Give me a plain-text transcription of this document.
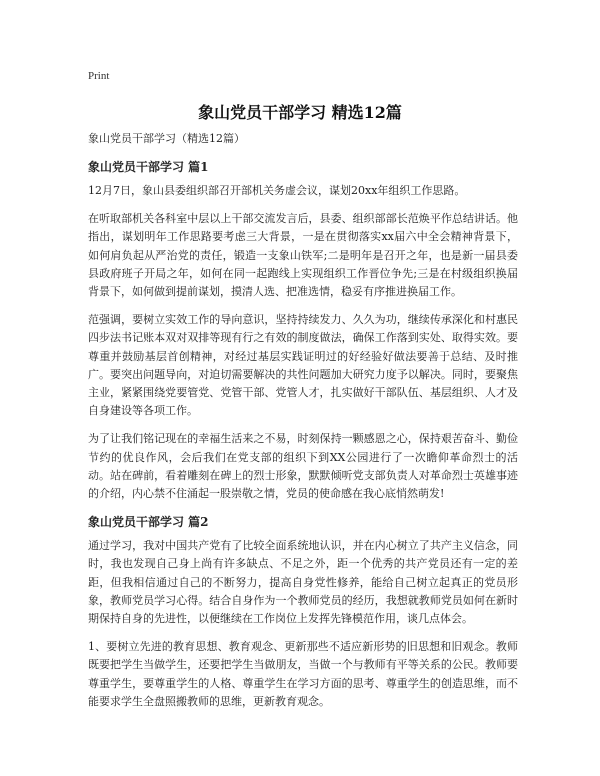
Print
象山党员干部学习 精选12篇
象山党员干部学习（精选12篇）
象山党员干部学习 篇1

12月7日，象山县委组织部召开部机关务虚会议，谋划20xx年组织工作思路。

在听取部机关各科室中层以上干部交流发言后，县委、组织部部长范焕平作总结讲话。他指出，谋划明年工作思路要考虑三大背景，一是在贯彻落实xx届六中全会精神背景下，如何肩负起从严治党的责任，锻造一支象山铁军;二是明年是召开之年，也是新一届县委县政府班子开局之年，如何在同一起跑线上实现组织工作晋位争先;三是在村级组织换届背景下，如何做到提前谋划，摸清人选、把准选情，稳妥有序推进换届工作。

范强调，要树立实效工作的导向意识，坚持持续发力、久久为功，继续传承深化和村惠民四步法书记账本双对双排等现有行之有效的制度做法，确保工作落到实处、取得实效。要尊重并鼓励基层首创精神，对经过基层实践证明过的好经验好做法要善于总结、及时推广。要突出问题导向，对迫切需要解决的共性问题加大研究力度予以解决。同时，要聚焦主业，紧紧围绕党要管党、党管干部、党管人才，扎实做好干部队伍、基层组织、人才及自身建设等各项工作。

为了让我们铭记现在的幸福生活来之不易，时刻保持一颗感恩之心，保持艰苦奋斗、勤俭节约的优良作风，会后我们在党支部的组织下到XX公园进行了一次瞻仰革命烈士的活动。站在碑前，看着雕刻在碑上的烈士形象，默默倾听党支部负责人对革命烈士英雄事迹的介绍，内心禁不住涌起一股崇敬之情，党员的使命感在我心底悄然萌发!

象山党员干部学习 篇2

通过学习，我对中国共产党有了比较全面系统地认识，并在内心树立了共产主义信念，同时，我也发现自己身上尚有许多缺点、不足之外，距一个优秀的共产党员还有一定的差距，但我相信通过自己的不断努力，提高自身党性修养，能给自己树立起真正的党员形象，教师党员学习心得。结合自身作为一个教师党员的经历，我想就教师党员如何在新时期保持自身的先进性，以便继续在工作岗位上发挥先锋模范作用，谈几点体会。

1、要树立先进的教育思想、教育观念、更新那些不适应新形势的旧思想和旧观念。教师既要把学生当做学生，还要把学生当做朋友，当做一个与教师有平等关系的公民。教师要尊重学生，要尊重学生的人格、尊重学生在学习方面的思考、尊重学生的创造思维，而不能要求学生全盘照搬教师的思维，更新教育观念。
